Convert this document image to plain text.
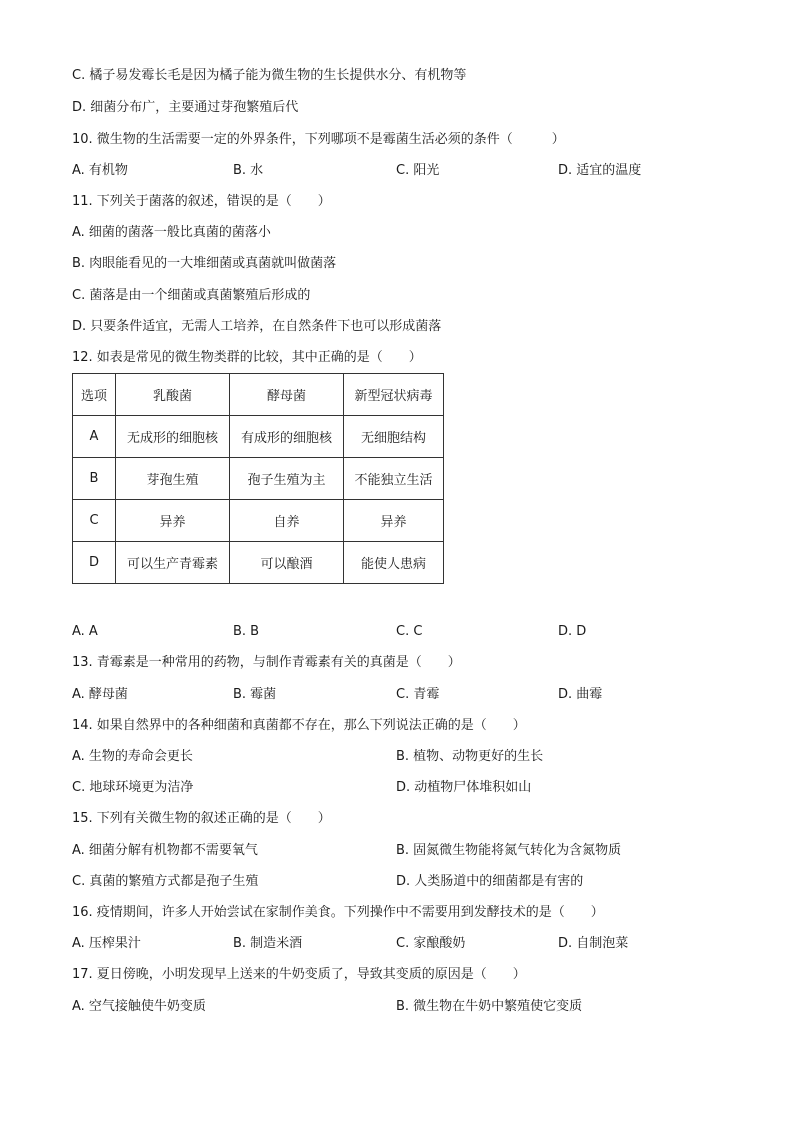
C. 橘子易发霉长毛是因为橘子能为微生物的生长提供水分、有机物等
D. 细菌分布广，主要通过芽孢繁殖后代
10. 微生物的生活需要一定的外界条件，下列哪项不是霉菌生活必须的条件（　　　）
A. 有机物	B. 水	C. 阳光	D. 适宜的温度
11. 下列关于菌落的叙述，错误的是（　　）
A. 细菌的菌落一般比真菌的菌落小
B. 肉眼能看见的一大堆细菌或真菌就叫做菌落
C. 菌落是由一个细菌或真菌繁殖后形成的
D. 只要条件适宜，无需人工培养，在自然条件下也可以形成菌落
12. 如表是常见的微生物类群的比较，其中正确的是（　　）
选项	乳酸菌	酵母菌	新型冠状病毒
A	无成形的细胞核	有成形的细胞核	无细胞结构
B	芽孢生殖	孢子生殖为主	不能独立生活
C	异养	自养	异养
D	可以生产青霉素	可以酿酒	能使人患病
A. A	B. B	C. C	D. D
13. 青霉素是一种常用的药物，与制作青霉素有关的真菌是（　　）
A. 酵母菌	B. 霉菌	C. 青霉	D. 曲霉
14. 如果自然界中的各种细菌和真菌都不存在，那么下列说法正确的是（　　）
A. 生物的寿命会更长	B. 植物、动物更好的生长
C. 地球环境更为洁净	D. 动植物尸体堆积如山
15. 下列有关微生物的叙述正确的是（　　）
A. 细菌分解有机物都不需要氧气	B. 固氮微生物能将氮气转化为含氮物质
C. 真菌的繁殖方式都是孢子生殖	D. 人类肠道中的细菌都是有害的
16. 疫情期间，许多人开始尝试在家制作美食。下列操作中不需要用到发酵技术的是（　　）
A. 压榨果汁	B. 制造米酒	C. 家酿酸奶	D. 自制泡菜
17. 夏日傍晚，小明发现早上送来的牛奶变质了，导致其变质的原因是（　　）
A. 空气接触使牛奶变质	B. 微生物在牛奶中繁殖使它变质
